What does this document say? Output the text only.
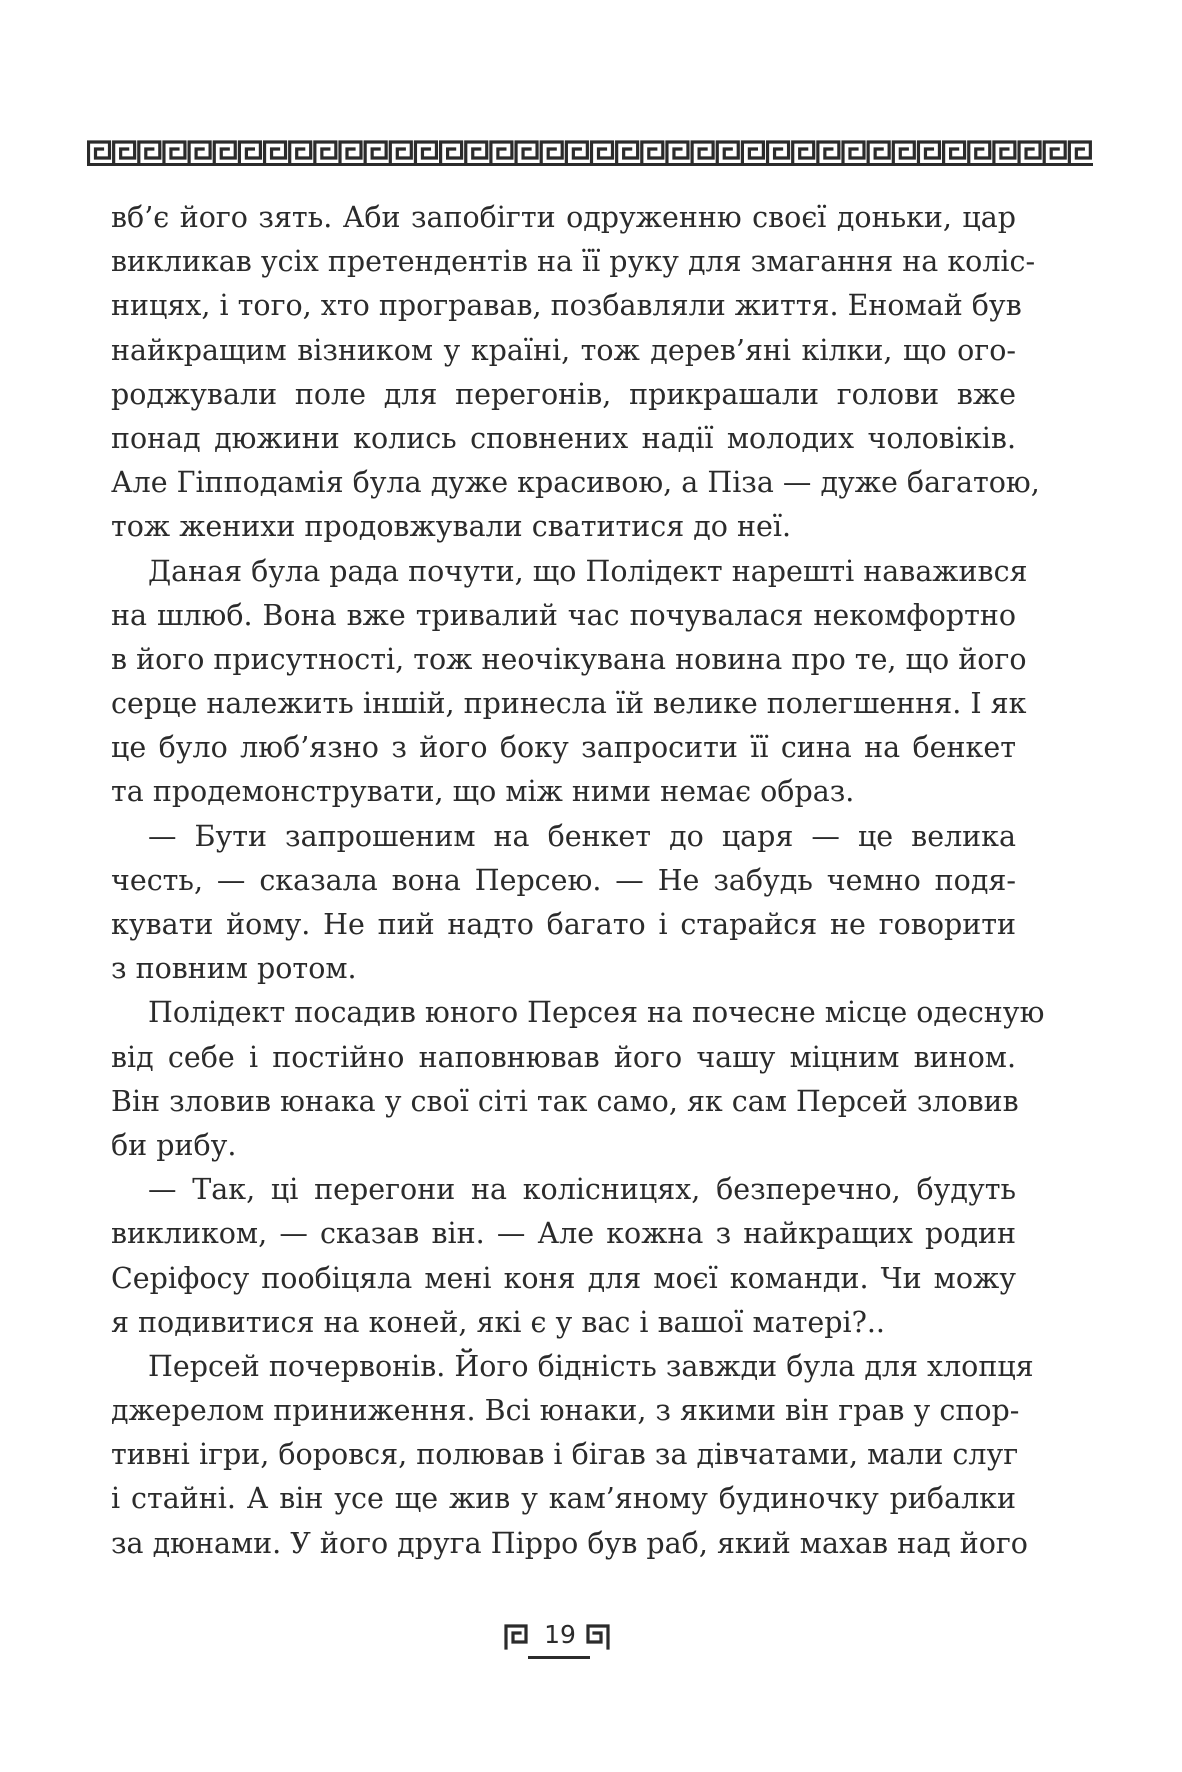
вб’є його зять. Аби запобігти одруженню своєї доньки, цар
викликав усіх претендентів на її руку для змагання на коліс-
ницях, і того, хто програвав, позбавляли життя. Еномай був
найкращим візником у країні, тож дерев’яні кілки, що ого-
роджували поле для перегонів, прикрашали голови вже
понад дюжини колись сповнених надії молодих чоловіків.
Але Гіпподамія була дуже красивою, а Піза — дуже багатою,
тож женихи продовжували сватитися до неї.

Даная була рада почути, що Полідект нарешті наважився
на шлюб. Вона вже тривалий час почувалася некомфортно
в його присутності, тож неочікувана новина про те, що його
серце належить іншій, принесла їй велике полегшення. І як
це було люб’язно з його боку запросити її сина на бенкет
та продемонструвати, що між ними немає образ.

— Бути запрошеним на бенкет до царя — це велика
честь, — сказала вона Персею. — Не забудь чемно подя-
кувати йому. Не пий надто багато і старайся не говорити
з повним ротом.

Полідект посадив юного Персея на почесне місце одесную
від себе і постійно наповнював його чашу міцним вином.
Він зловив юнака у свої сіті так само, як сам Персей зловив
би рибу.

— Так, ці перегони на колісницях, безперечно, будуть
викликом, — сказав він. — Але кожна з найкращих родин
Серіфосу пообіцяла мені коня для моєї команди. Чи можу
я подивитися на коней, які є у вас і вашої матері?..

Персей почервонів. Його бідність завжди була для хлопця
джерелом приниження. Всі юнаки, з якими він грав у спор-
тивні ігри, боровся, полював і бігав за дівчатами, мали слуг
і стайні. А він усе ще жив у кам’яному будиночку рибалки
за дюнами. У його друга Пірро був раб, який махав над його

19
